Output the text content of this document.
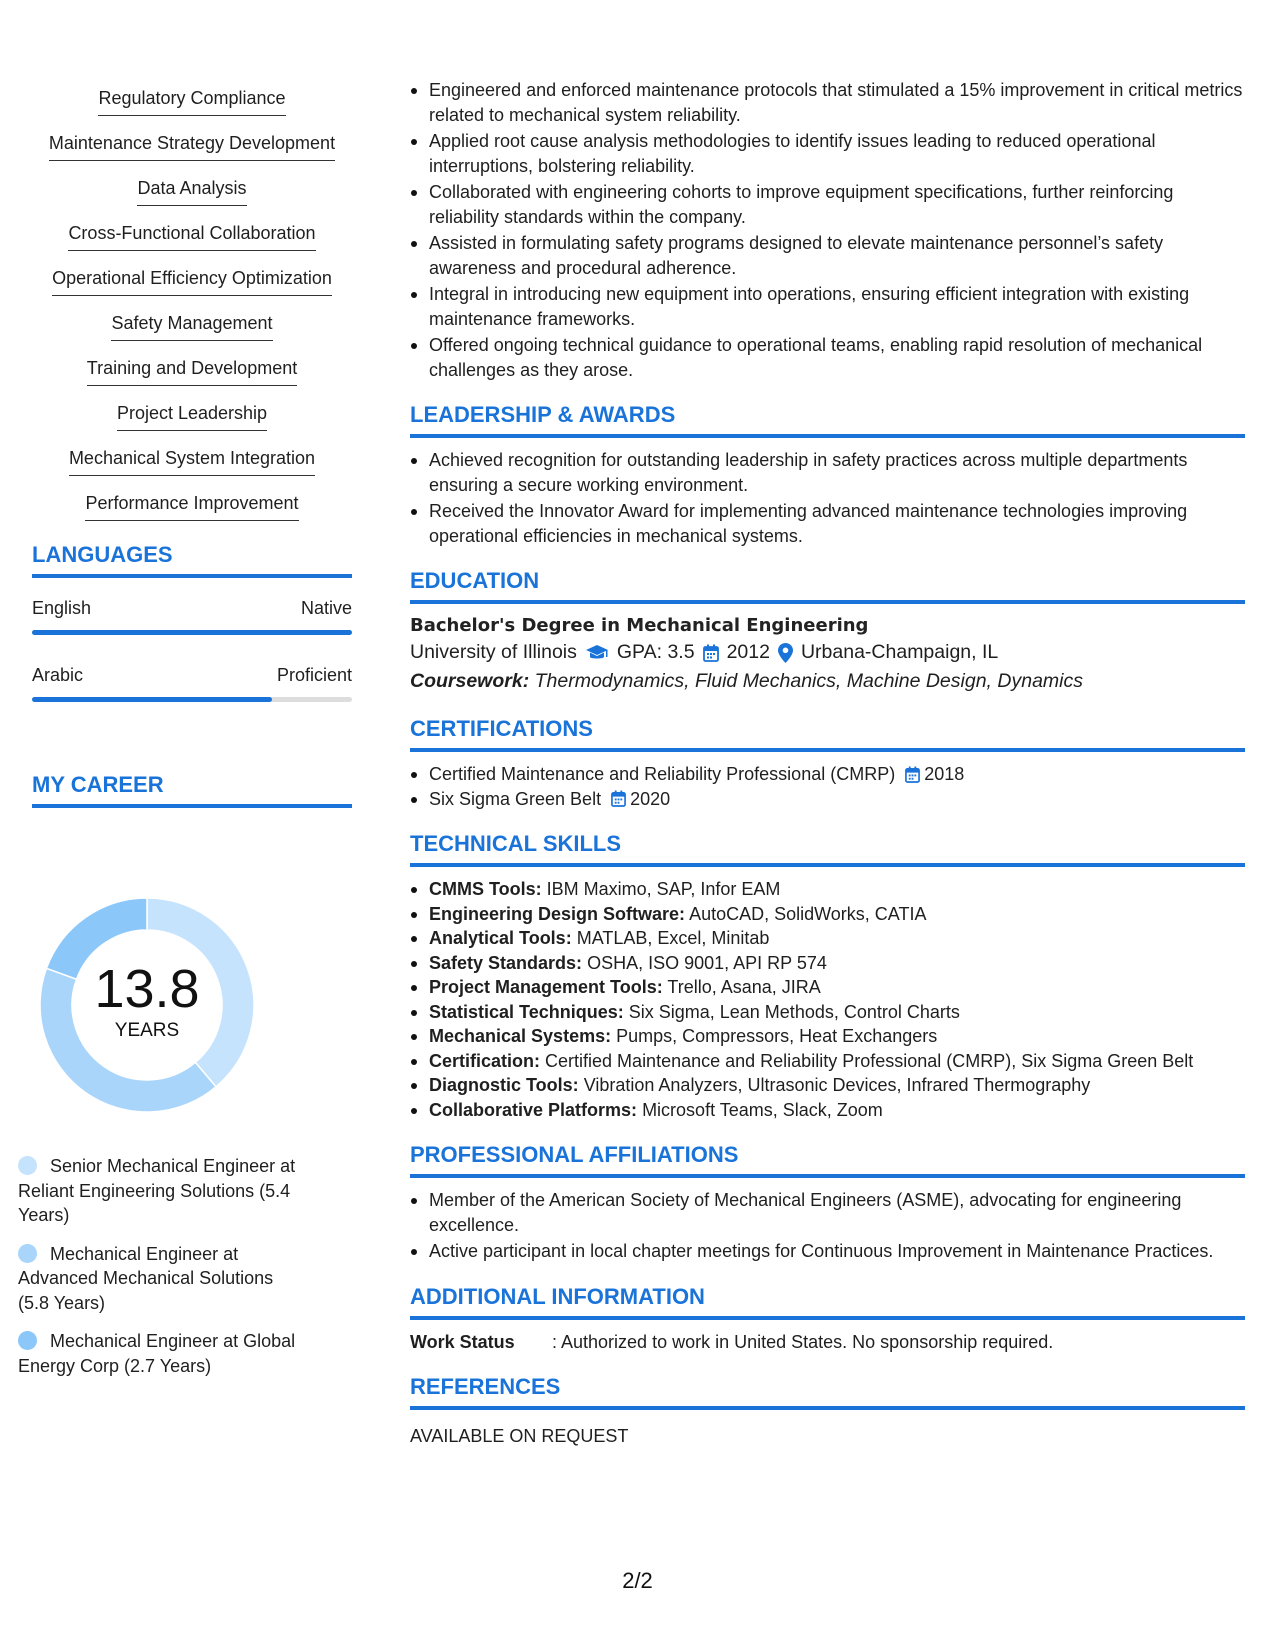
Regulatory Compliance
Maintenance Strategy Development
Data Analysis
Cross-Functional Collaboration
Operational Efficiency Optimization
Safety Management
Training and Development
Project Leadership
Mechanical System Integration
Performance Improvement
LANGUAGES
English	Native
Arabic	Proficient
MY CAREER
13.8
YEARS
Senior Mechanical Engineer at Reliant Engineering Solutions (5.4 Years)
Mechanical Engineer at Advanced Mechanical Solutions (5.8 Years)
Mechanical Engineer at Global Energy Corp (2.7 Years)
Engineered and enforced maintenance protocols that stimulated a 15% improvement in critical metrics related to mechanical system reliability.
Applied root cause analysis methodologies to identify issues leading to reduced operational interruptions, bolstering reliability.
Collaborated with engineering cohorts to improve equipment specifications, further reinforcing reliability standards within the company.
Assisted in formulating safety programs designed to elevate maintenance personnel’s safety awareness and procedural adherence.
Integral in introducing new equipment into operations, ensuring efficient integration with existing maintenance frameworks.
Offered ongoing technical guidance to operational teams, enabling rapid resolution of mechanical challenges as they arose.
LEADERSHIP & AWARDS
Achieved recognition for outstanding leadership in safety practices across multiple departments ensuring a secure working environment.
Received the Innovator Award for implementing advanced maintenance technologies improving operational efficiencies in mechanical systems.
EDUCATION
Bachelor's Degree in Mechanical Engineering
University of Illinois GPA: 3.5 2012 Urbana-Champaign, IL
Coursework: Thermodynamics, Fluid Mechanics, Machine Design, Dynamics
CERTIFICATIONS
Certified Maintenance and Reliability Professional (CMRP) 2018
Six Sigma Green Belt 2020
TECHNICAL SKILLS
CMMS Tools: IBM Maximo, SAP, Infor EAM
Engineering Design Software: AutoCAD, SolidWorks, CATIA
Analytical Tools: MATLAB, Excel, Minitab
Safety Standards: OSHA, ISO 9001, API RP 574
Project Management Tools: Trello, Asana, JIRA
Statistical Techniques: Six Sigma, Lean Methods, Control Charts
Mechanical Systems: Pumps, Compressors, Heat Exchangers
Certification: Certified Maintenance and Reliability Professional (CMRP), Six Sigma Green Belt
Diagnostic Tools: Vibration Analyzers, Ultrasonic Devices, Infrared Thermography
Collaborative Platforms: Microsoft Teams, Slack, Zoom
PROFESSIONAL AFFILIATIONS
Member of the American Society of Mechanical Engineers (ASME), advocating for engineering excellence.
Active participant in local chapter meetings for Continuous Improvement in Maintenance Practices.
ADDITIONAL INFORMATION
Work Status	: Authorized to work in United States. No sponsorship required.
REFERENCES
AVAILABLE ON REQUEST
2/2
